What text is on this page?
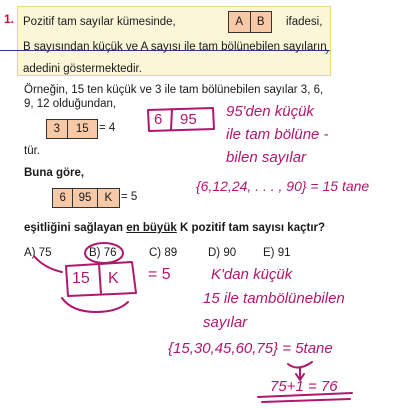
1. Pozitif tam sayılar kümesinde,	A	B	ifadesi,
B sayısından küçük ve A sayısı ile tam bölünebilen sayıların
adedini göstermektedir.
›
Örneğin, 15 ten küçük ve 3 ile tam bölünebilen sayılar 3, 6,
9, 12 olduğundan,
3	15 = 4
tür.
Buna göre,
6	95	K = 5
eşitliğini sağlayan en büyük K pozitif tam sayısı kaçtır?
A) 75	B) 76	C) 89	D) 90 E) 91
6 95 95'den küçük
ile tam bölüne -
bilen sayılar
{6,12,24, . . . , 90} = 15 tane
15 K = 5	K'dan küçük
15 ile tambölünebilen
sayılar
{15,30,45,60,75} = 5tane
75+1 = 76
